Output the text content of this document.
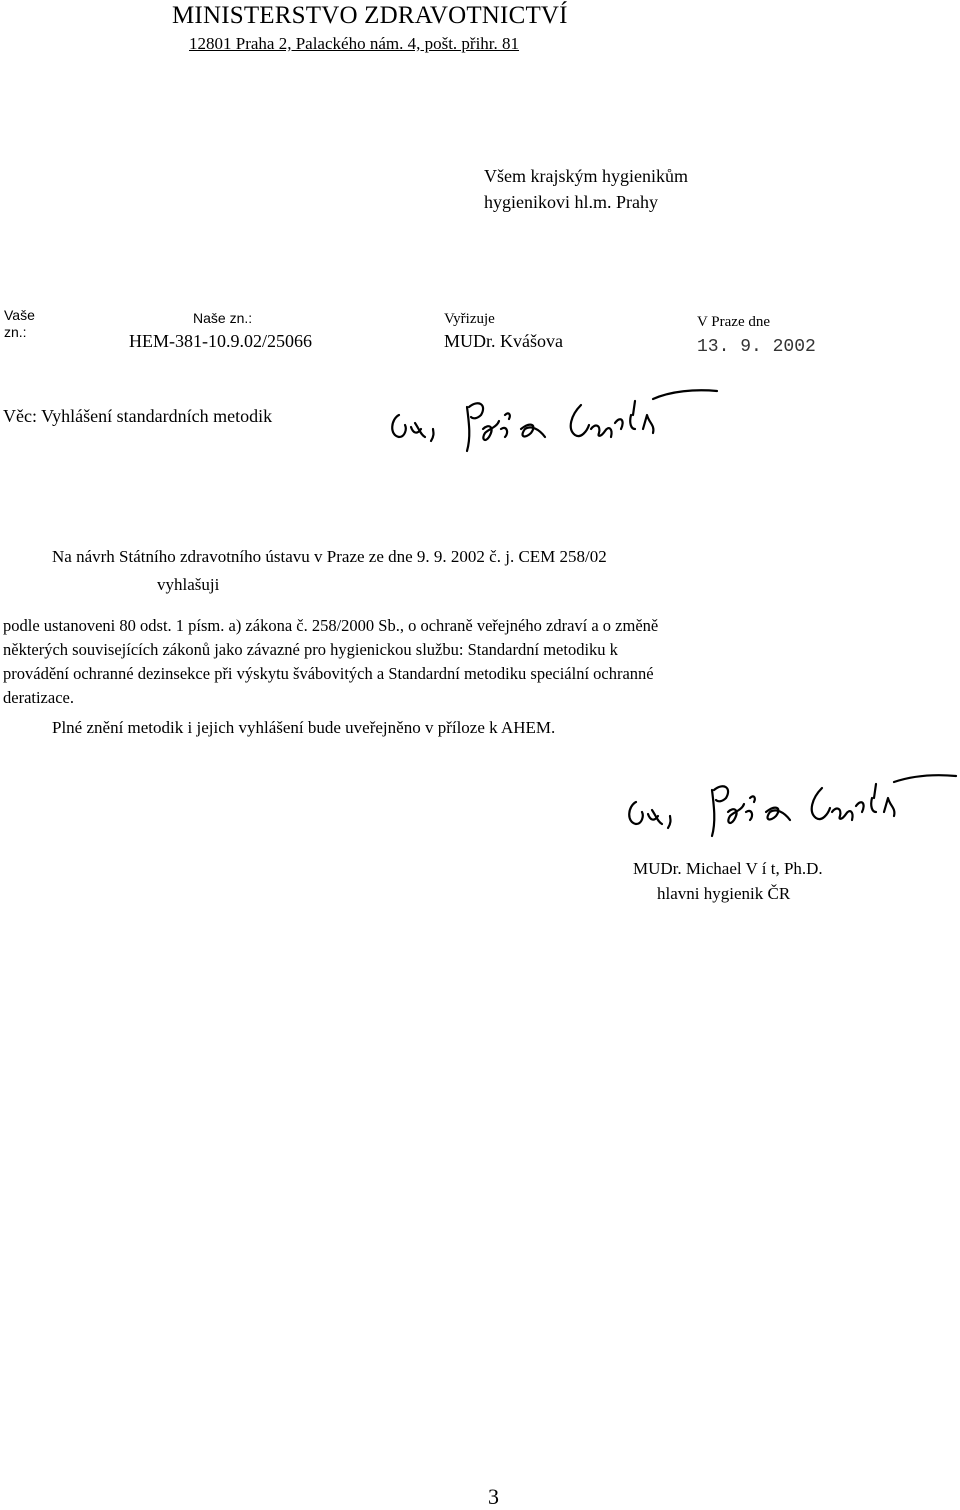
MINISTERSTVO ZDRAVOTNICTVÍ
12801 Praha 2, Palackého nám. 4, pošt. přihr. 81
Všem krajským hygienikům
hygienikovi hl.m. Prahy
Vaše
zn.:
Naše zn.:
HEM-381-10.9.02/25066
Vyřizuje
MUDr. Kvášova
V Praze dne
13. 9. 2002
Věc: Vyhlášení standardních metodik
Na návrh Státního zdravotního ústavu v Praze ze dne 9. 9. 2002 č. j. CEM 258/02
vyhlašuji
podle ustanoveni 80 odst. 1 písm. a) zákona č. 258/2000 Sb., o ochraně veřejného zdraví a o změně
některých souvisejících zákonů jako závazné pro hygienickou službu: Standardní metodiku k
provádění ochranné dezinsekce při výskytu švábovitých a Standardní metodiku speciální ochranné
deratizace.
Plné znění metodik i jejich vyhlášení bude uveřejněno v příloze k AHEM.
MUDr. Michael V í t, Ph.D.
hlavni hygienik ČR
3
